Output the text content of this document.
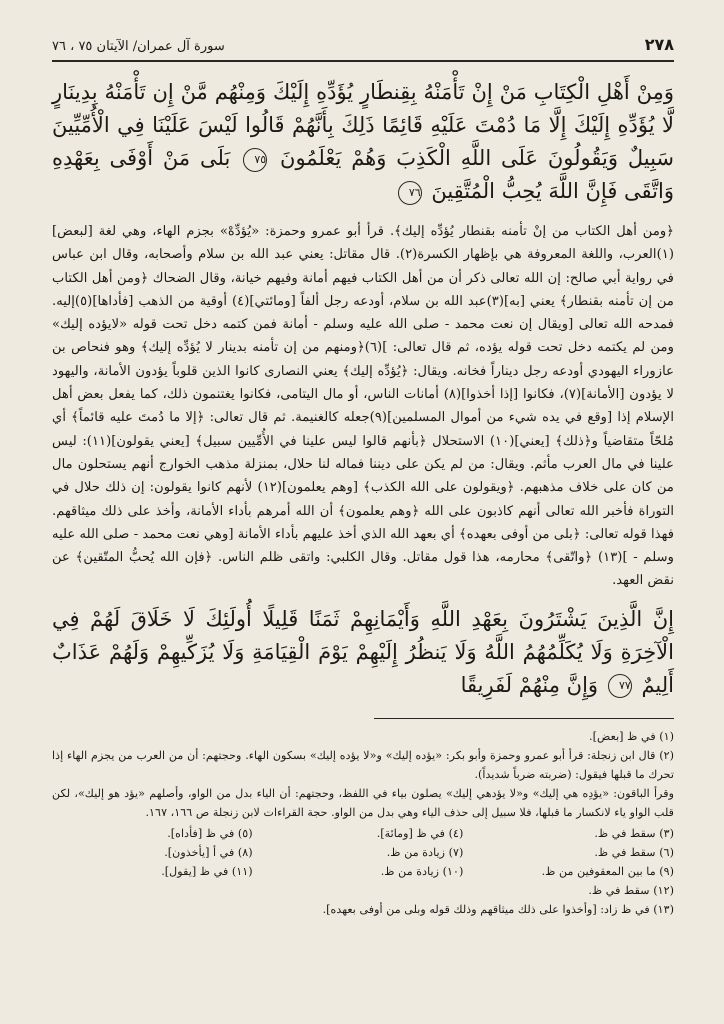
٢٧٨
سورة آل عمران/ الآيتان ٧٥ ، ٧٦
وَمِنْ أَهْلِ الْكِتَابِ مَنْ إِنْ تَأْمَنْهُ بِقِنطَارٍ يُؤَدِّهِ إِلَيْكَ وَمِنْهُم مَّنْ إِن تَأْمَنْهُ بِدِينَارٍ لَّا يُؤَدِّهِ إِلَيْكَ إِلَّا مَا دُمْتَ عَلَيْهِ قَائِمًا ذَلِكَ بِأَنَّهُمْ قَالُوا لَيْسَ عَلَيْنَا فِي الْأُمِّيِّينَ سَبِيلٌ وَيَقُولُونَ عَلَى اللَّهِ الْكَذِبَ وَهُمْ يَعْلَمُونَ ٧٥ بَلَى مَنْ أَوْفَى بِعَهْدِهِ وَاتَّقَى فَإِنَّ اللَّهَ يُحِبُّ الْمُتَّقِينَ ٧٦

﴿ومن أهل الكتاب من إنْ تأمنه بقنطار يُؤدِّه إليك﴾. قرأ أبو عمرو وحمزة: «يُؤدِّهْ» بجزم الهاء، وهي لغة [لبعض](١)العرب، واللغة المعروفة هي بإظهار الكسرة(٢). قال مقاتل: يعني عبد الله بن سلام وأصحابه، وقال ابن عباس في رواية أبي صالح: إن الله تعالى ذكر أن من أهل الكتاب فيهم أمانة وفيهم خيانة، وقال الضحاك ﴿ومن أهل الكتاب من إن تأمنه بقنطار﴾ يعني [به](٣)عبد الله بن سلام، أودعه رجل ألفاً [ومائتي](٤) أوقية من الذهب [فأداها](٥)إليه. فمدحه الله تعالى [ويقال إن نعت محمد - صلى الله عليه وسلم - أمانة فمن كتمه دخل تحت قوله «لايؤده إليك» ومن لم يكتمه دخل تحت قوله يؤده، ثم قال تعالى: ](٦)﴿ومنهم من إن تأمنه بدينار لا يُؤدِّه إليك﴾ وهو فنحاص بن عازوراء اليهودي أودعه رجل ديناراً فخانه. ويقال: ﴿يُؤدِّه إليك﴾ يعني النصارى كانوا الذين قلوباً يؤدون الأمانة، واليهود لا يؤدون [الأمانة](٧)، فكانوا [إذا أخذوا](٨) أمانات الناس، أو مال اليتامى، فكانوا يغتنمون ذلك، كما يفعل بعض أهل الإسلام إذا [وقع في يده شيء من أموال المسلمين](٩)جعله كالغنيمة. ثم قال تعالى: ﴿إلا ما دُمتَ عليه قائماً﴾ أي مُلحّاً متقاضياً و﴿ذلك﴾ [يعني](١٠) الاستحلال ﴿بأنهم قالوا ليس علينا في الأُمِّيين سبيل﴾ [يعني يقولون](١١): ليس علينا في مال العرب مأثم. ويقال: من لم يكن على ديننا فماله لنا حلال، بمنزلة مذهب الخوارج أنهم يستحلون مال من كان على خلاف مذهبهم. ﴿ويقولون على الله الكذب﴾ [وهم يعلمون](١٢) لأنهم كانوا يقولون: إن ذلك حلال في التوراة فأخبر الله تعالى أنهم كاذبون على الله ﴿وهم يعلمون﴾ أن الله أمرهم بأداء الأمانة، وأخذ على ذلك ميثاقهم. فهذا قوله تعالى: ﴿بلى من أوفى بعهده﴾ أي بعهد الله الذي أخذ عليهم بأداء الأمانة [وهي نعت محمد - صلى الله عليه وسلم - ](١٣) ﴿واتّقى﴾ محارمه، هذا قول مقاتل. وقال الكلبي: واتقى ظلم الناس. ﴿فإن الله يُحبُّ المتّقين﴾ عن نقض العهد.

إِنَّ الَّذِينَ يَشْتَرُونَ بِعَهْدِ اللَّهِ وَأَيْمَانِهِمْ ثَمَنًا قَلِيلًا أُولَئِكَ لَا خَلَاقَ لَهُمْ فِي الْآخِرَةِ وَلَا يُكَلِّمُهُمُ اللَّهُ وَلَا يَنظُرُ إِلَيْهِمْ يَوْمَ الْقِيَامَةِ وَلَا يُزَكِّيهِمْ وَلَهُمْ عَذَابٌ أَلِيمٌ ٧٧ وَإِنَّ مِنْهُمْ لَفَرِيقًا

(١) في ظ [بعض].

(٢) قال ابن زنجلة: قرأ أبو عمرو وحمزة وأبو بكر: «يؤده إليك» و«لا يؤده إليك» بسكون الهاء. وحجتهم: أن من العرب من يجزم الهاء إذا تحرك ما قبلها فيقول: (ضربته ضرباً شديداً).

وقرأ الباقون: «يؤدِه هي إليك» و«لا يؤدهي إليك» يصلون بياء في اللفظ، وحجتهم: أن الياء بدل من الواو، وأصلهم «يؤد هو إليك»، لكن قلب الواو ياء لانكسار ما قبلها، فلا سبيل إلى حذف الياء وهي بدل من الواو. حجة القراءات لابن زنجلة ص ١٦٦، ١٦٧.

(٣) سقط في ظ.
(٤) في ظ [ومائة].
(٥) في ظ [فأداه].
(٦) سقط في ظ.
(٧) زيادة من ظ.
(٨) في أ [يأخذون].
(٩) ما بين المعقوفين من ظ.
(١٠) زيادة من ظ.
(١١) في ظ [يقول].
(١٢) سقط في ظ.

(١٣) في ظ زاد: [وأخذوا على ذلك ميثاقهم وذلك قوله وبلى من أوفى بعهده].
